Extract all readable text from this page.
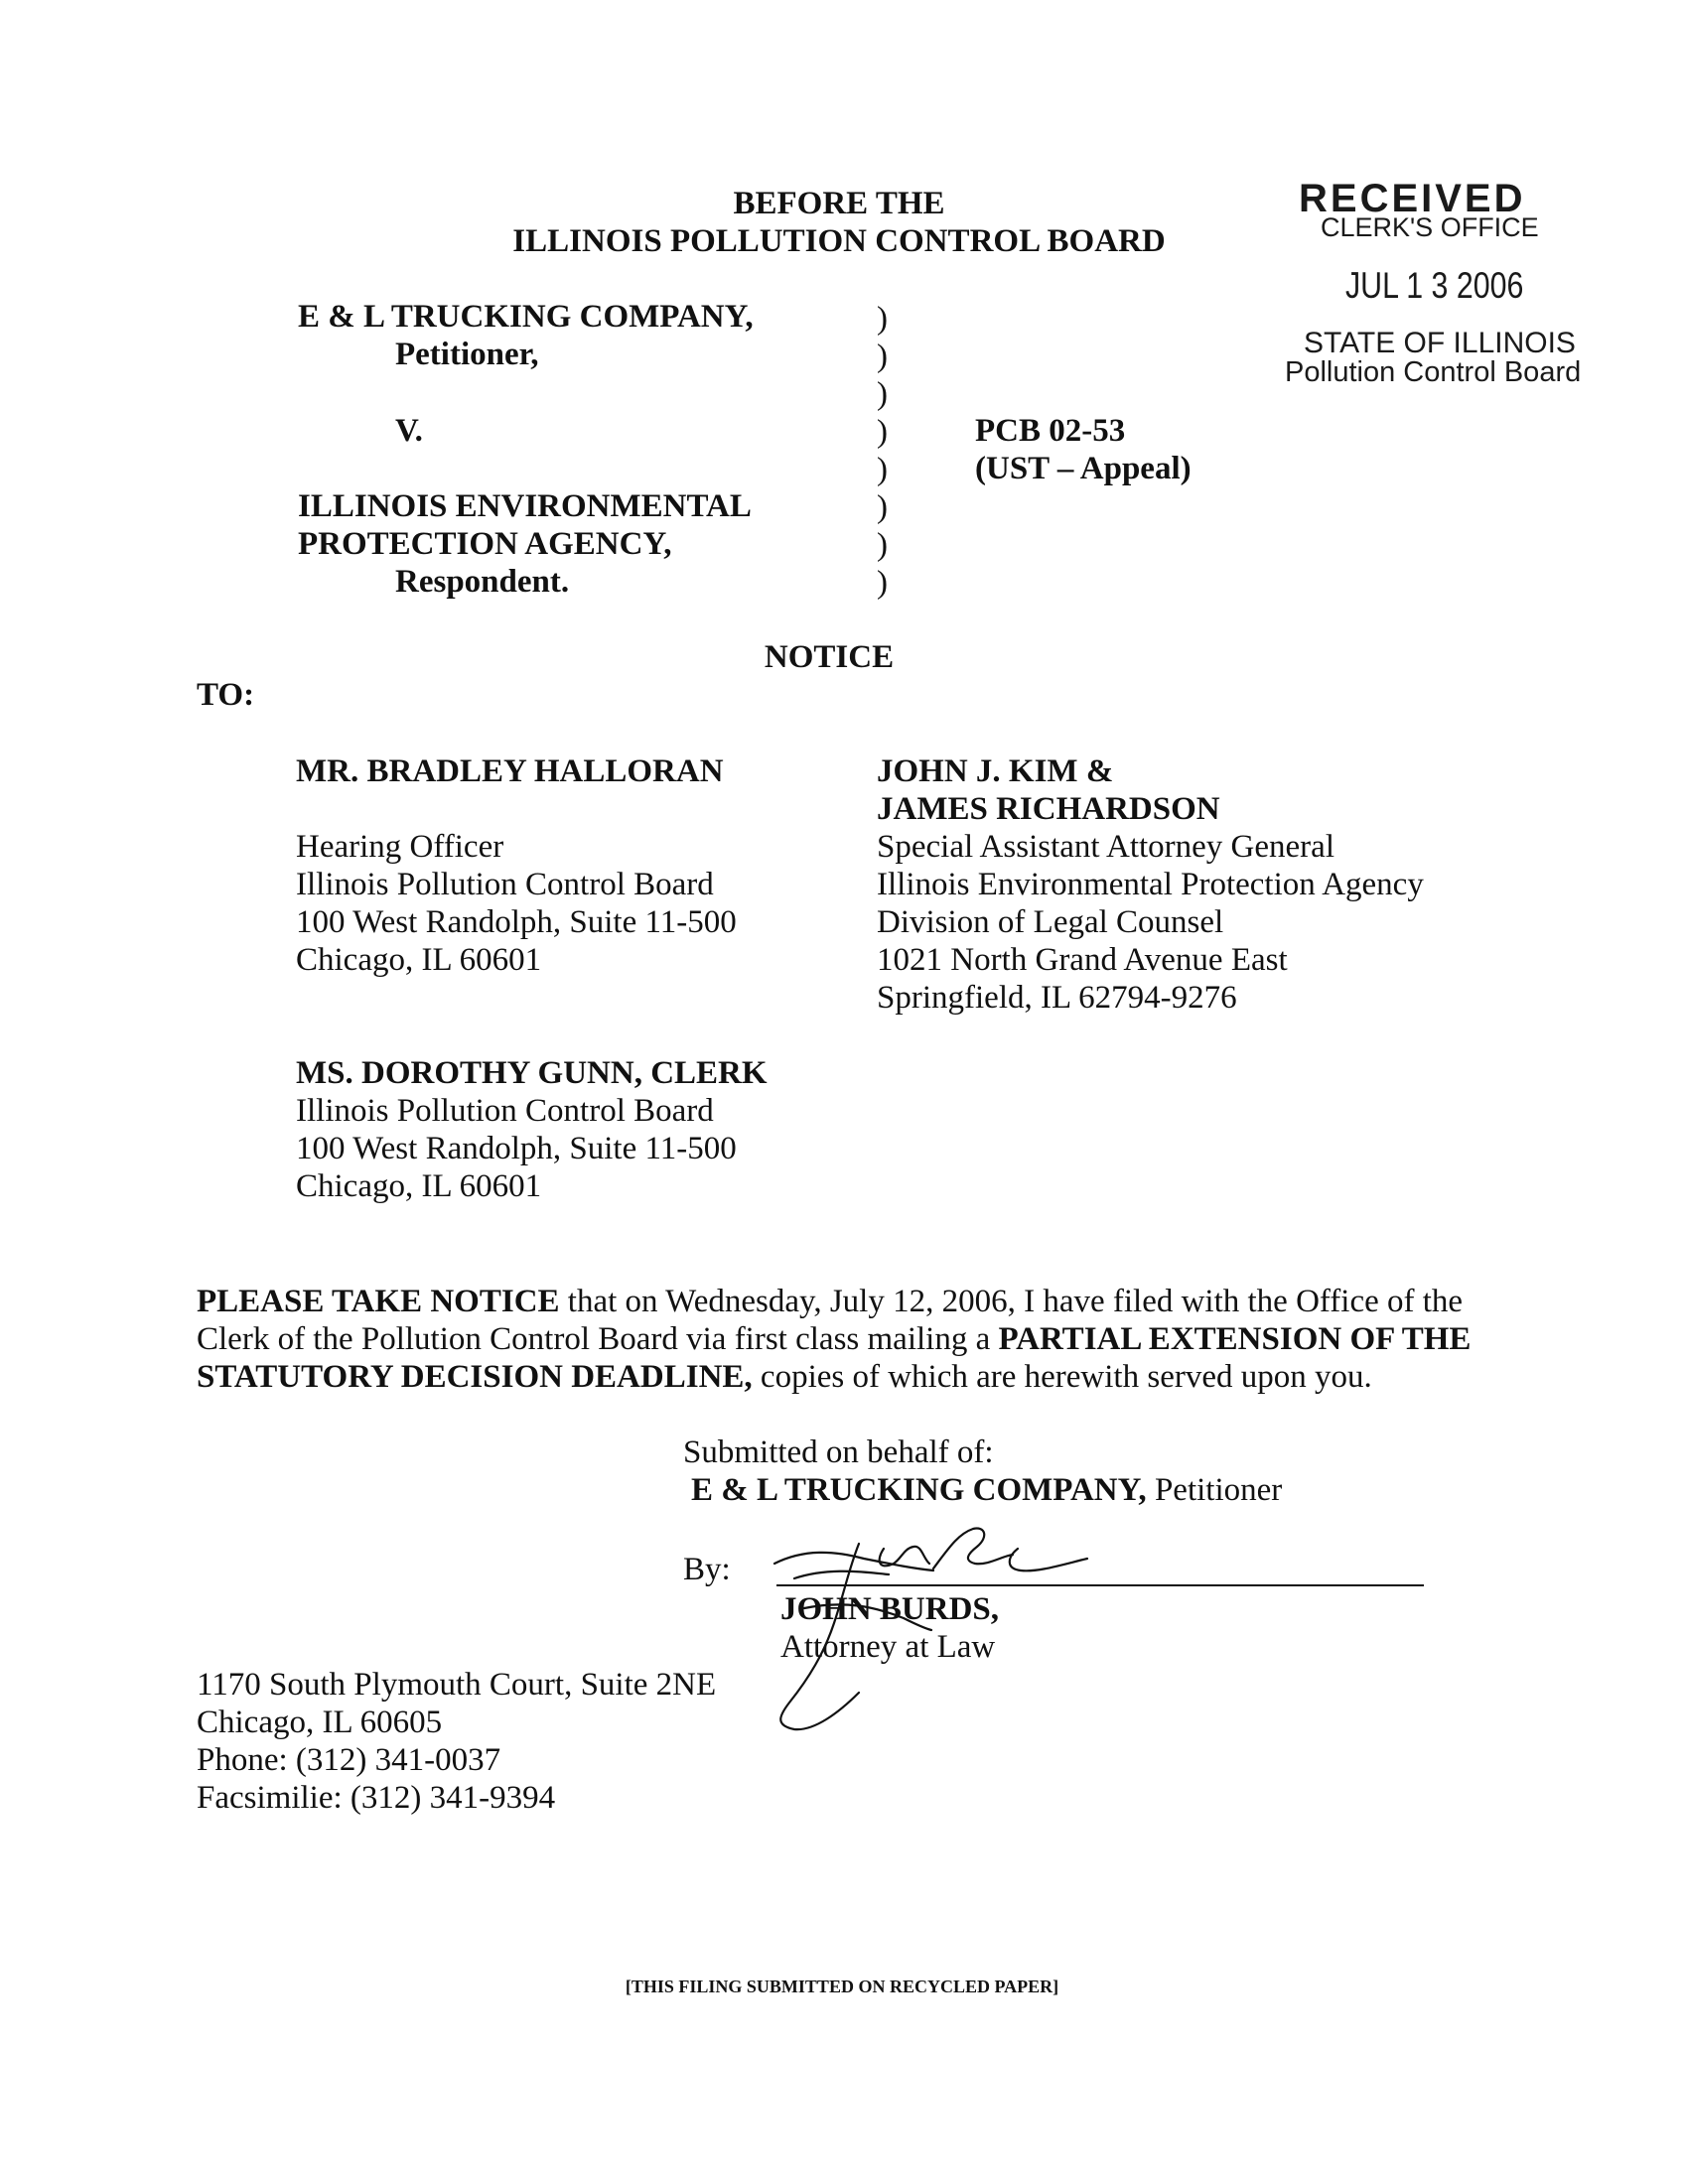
RECEIVED
CLERK'S OFFICE
JUL 1 3 2006
STATE OF ILLINOIS
Pollution Control Board
BEFORE THE
ILLINOIS POLLUTION CONTROL BOARD
E & L TRUCKING COMPANY,
Petitioner,
V.
ILLINOIS ENVIRONMENTAL
PROTECTION AGENCY,
Respondent.
)
)
)
)
)
)
)
)
PCB 02-53
(UST – Appeal)
NOTICE
TO:
MR. BRADLEY HALLORAN
Hearing Officer
Illinois Pollution Control Board
100 West Randolph, Suite 11-500
Chicago, IL 60601
JOHN J. KIM &
JAMES RICHARDSON
Special Assistant Attorney General
Illinois Environmental Protection Agency
Division of Legal Counsel
1021 North Grand Avenue East
Springfield, IL 62794-9276
MS. DOROTHY GUNN, CLERK
Illinois Pollution Control Board
100 West Randolph, Suite 11-500
Chicago, IL 60601
PLEASE TAKE NOTICE that on Wednesday, July 12, 2006, I have filed with the Office of the
Clerk of the Pollution Control Board via first class mailing a PARTIAL EXTENSION OF THE
STATUTORY DECISION DEADLINE, copies of which are herewith served upon you.
Submitted on behalf of:
E & L TRUCKING COMPANY, Petitioner
By:
JOHN BURDS,
Attorney at Law
1170 South Plymouth Court, Suite 2NE
Chicago, IL 60605
Phone: (312) 341-0037
Facsimilie: (312) 341-9394
[THIS FILING SUBMITTED ON RECYCLED PAPER]
